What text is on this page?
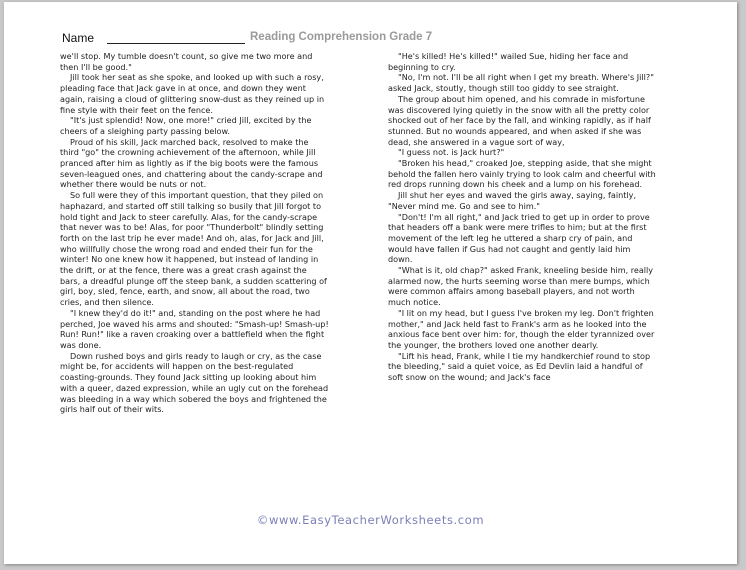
Name	Reading Comprehension Grade 7

we'll stop. My tumble doesn't count, so give me two more and then I'll be good."

Jill took her seat as she spoke, and looked up with such a rosy, pleading face that Jack gave in at once, and down they went again, raising a cloud of glittering snow-dust as they reined up in fine style with their feet on the fence.

"It's just splendid! Now, one more!" cried Jill, excited by the cheers of a sleighing party passing below.

Proud of his skill, Jack marched back, resolved to make the third "go" the crowning achievement of the afternoon, while Jill pranced after him as lightly as if the big boots were the famous seven-leagued ones, and chattering about the candy-scrape and whether there would be nuts or not.

So full were they of this important question, that they piled on haphazard, and started off still talking so busily that Jill forgot to hold tight and Jack to steer carefully. Alas, for the candy-scrape that never was to be! Alas, for poor "Thunderbolt" blindly setting forth on the last trip he ever made! And oh, alas, for Jack and Jill, who willfully chose the wrong road and ended their fun for the winter! No one knew how it happened, but instead of landing in the drift, or at the fence, there was a great crash against the bars, a dreadful plunge off the steep bank, a sudden scattering of girl, boy, sled, fence, earth, and snow, all about the road, two cries, and then silence.

"I knew they'd do it!" and, standing on the post where he had perched, Joe waved his arms and shouted: "Smash-up! Smash-up! Run! Run!" like a raven croaking over a battlefield when the fight was done.

Down rushed boys and girls ready to laugh or cry, as the case might be, for accidents will happen on the best-regulated coasting-grounds. They found Jack sitting up looking about him with a queer, dazed expression, while an ugly cut on the forehead was bleeding in a way which sobered the boys and frightened the girls half out of their wits.

"He's killed! He's killed!" wailed Sue, hiding her face and beginning to cry.

"No, I'm not. I'll be all right when I get my breath. Where's Jill?" asked Jack, stoutly, though still too giddy to see straight.

The group about him opened, and his comrade in misfortune was discovered lying quietly in the snow with all the pretty color shocked out of her face by the fall, and winking rapidly, as if half stunned. But no wounds appeared, and when asked if she was dead, she answered in a vague sort of way,

"I guess not. is Jack hurt?"

"Broken his head," croaked Joe, stepping aside, that she might behold the fallen hero vainly trying to look calm and cheerful with red drops running down his cheek and a lump on his forehead.

Jill shut her eyes and waved the girls away, saying, faintly, "Never mind me. Go and see to him."

"Don't! I'm all right," and Jack tried to get up in order to prove that headers off a bank were mere trifles to him; but at the first movement of the left leg he uttered a sharp cry of pain, and would have fallen if Gus had not caught and gently laid him down.

"What is it, old chap?" asked Frank, kneeling beside him, really alarmed now, the hurts seeming worse than mere bumps, which were common affairs among baseball players, and not worth much notice.

"I lit on my head, but I guess I've broken my leg. Don't frighten mother," and Jack held fast to Frank's arm as he looked into the anxious face bent over him: for, though the elder tyrannized over the younger, the brothers loved one another dearly.

"Lift his head, Frank, while I tie my handkerchief round to stop the bleeding," said a quiet voice, as Ed Devlin laid a handful of soft snow on the wound; and Jack's face

©www.EasyTeacherWorksheets.com
